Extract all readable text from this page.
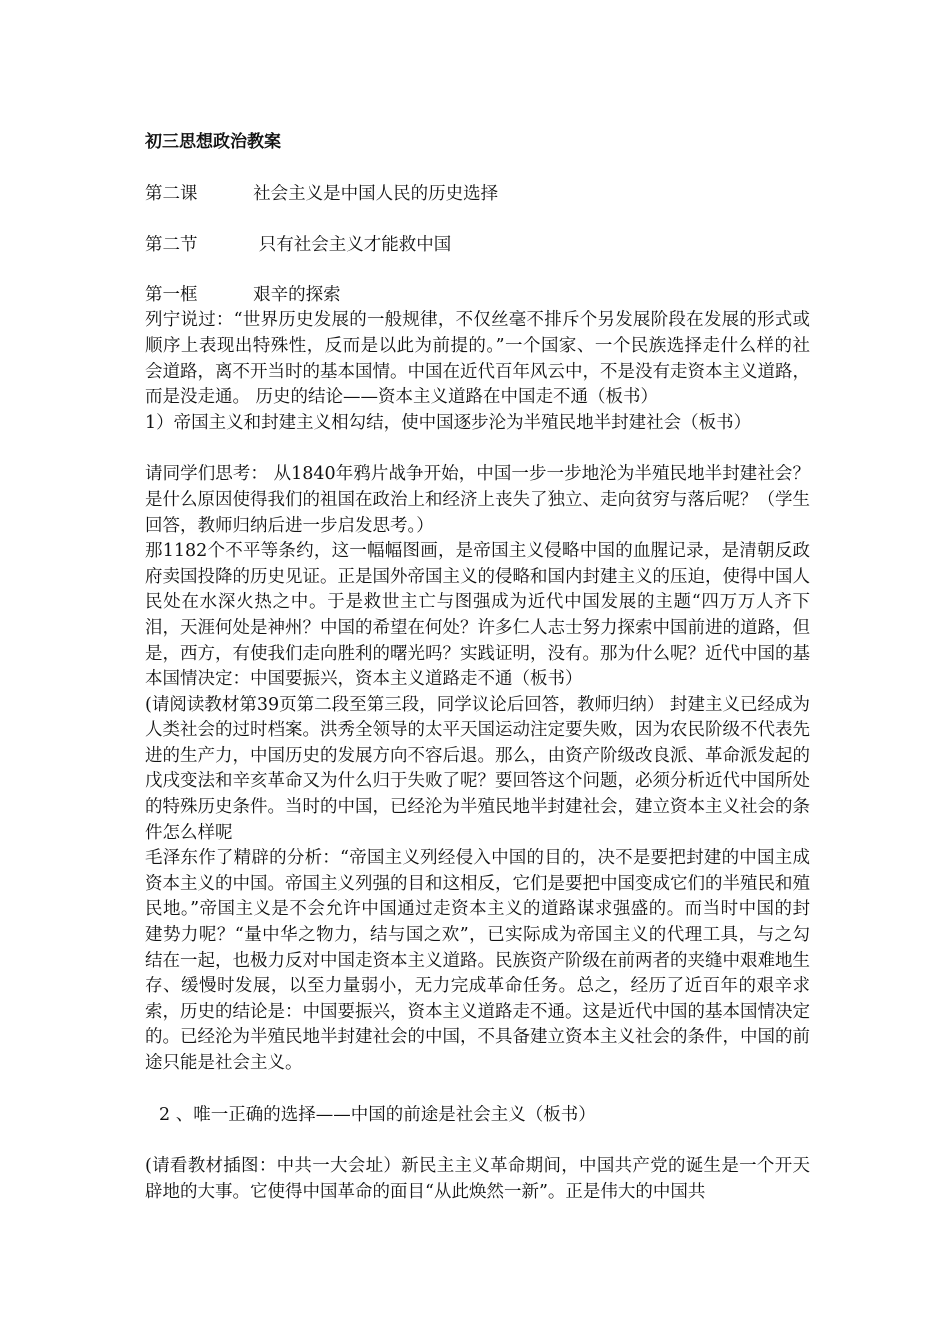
初三思想政治教案
第二课	社会主义是中国人民的历史选择
第二节	只有社会主义才能救中国
第一框	艰辛的探索

列宁说过：“世界历史发展的一般规律，不仅丝毫不排斥个另发展阶段在发展的形式或顺序上表现出特殊性，反而是以此为前提的。”一个国家、一个民族选择走什么样的社会道路，离不开当时的基本国情。中国在近代百年风云中，不是没有走资本主义道路，而是没走通。 历史的结论——资本主义道路在中国走不通（板书）

1）帝国主义和封建主义相勾结，使中国逐步沦为半殖民地半封建社会（板书）

请同学们思考： 从1840年鸦片战争开始，中国一步一步地沦为半殖民地半封建社会？是什么原因使得我们的祖国在政治上和经济上丧失了独立、走向贫穷与落后呢？（学生回答，教师归纳后进一步启发思考。）

那1182个不平等条约，这一幅幅图画，是帝国主义侵略中国的血腥记录，是清朝反政府卖国投降的历史见证。正是国外帝国主义的侵略和国内封建主义的压迫，使得中国人民处在水深火热之中。于是救世主亡与图强成为近代中国发展的主题“四万万人齐下泪，天涯何处是神州？中国的希望在何处？许多仁人志士努力探索中国前进的道路，但是，西方，有使我们走向胜利的曙光吗？实践证明，没有。那为什么呢？近代中国的基本国情决定：中国要振兴，资本主义道路走不通（板书）

(请阅读教材第39页第二段至第三段，同学议论后回答，教师归纳） 封建主义已经成为人类社会的过时档案。洪秀全领导的太平天国运动注定要失败，因为农民阶级不代表先进的生产力，中国历史的发展方向不容后退。那么，由资产阶级改良派、革命派发起的戊戌变法和辛亥革命又为什么归于失败了呢？要回答这个问题，必须分析近代中国所处的特殊历史条件。当时的中国，已经沦为半殖民地半封建社会，建立资本主义社会的条件怎么样呢

毛泽东作了精辟的分析：“帝国主义列经侵入中国的目的，决不是要把封建的中国主成资本主义的中国。帝国主义列强的目和这相反，它们是要把中国变成它们的半殖民和殖民地。”帝国主义是不会允许中国通过走资本主义的道路谋求强盛的。而当时中国的封建势力呢？“量中华之物力，结与国之欢”，已实际成为帝国主义的代理工具，与之勾结在一起，也极力反对中国走资本主义道路。民族资产阶级在前两者的夹缝中艰难地生存、缓慢时发展，以至力量弱小，无力完成革命任务。总之，经历了近百年的艰辛求索，历史的结论是：中国要振兴，资本主义道路走不通。这是近代中国的基本国情决定的。已经沦为半殖民地半封建社会的中国，不具备建立资本主义社会的条件，中国的前途只能是社会主义。

2 、唯一正确的选择——中国的前途是社会主义（板书）

(请看教材插图：中共一大会址）新民主主义革命期间，中国共产党的诞生是一个开天辟地的大事。它使得中国革命的面目“从此焕然一新”。正是伟大的中国共
